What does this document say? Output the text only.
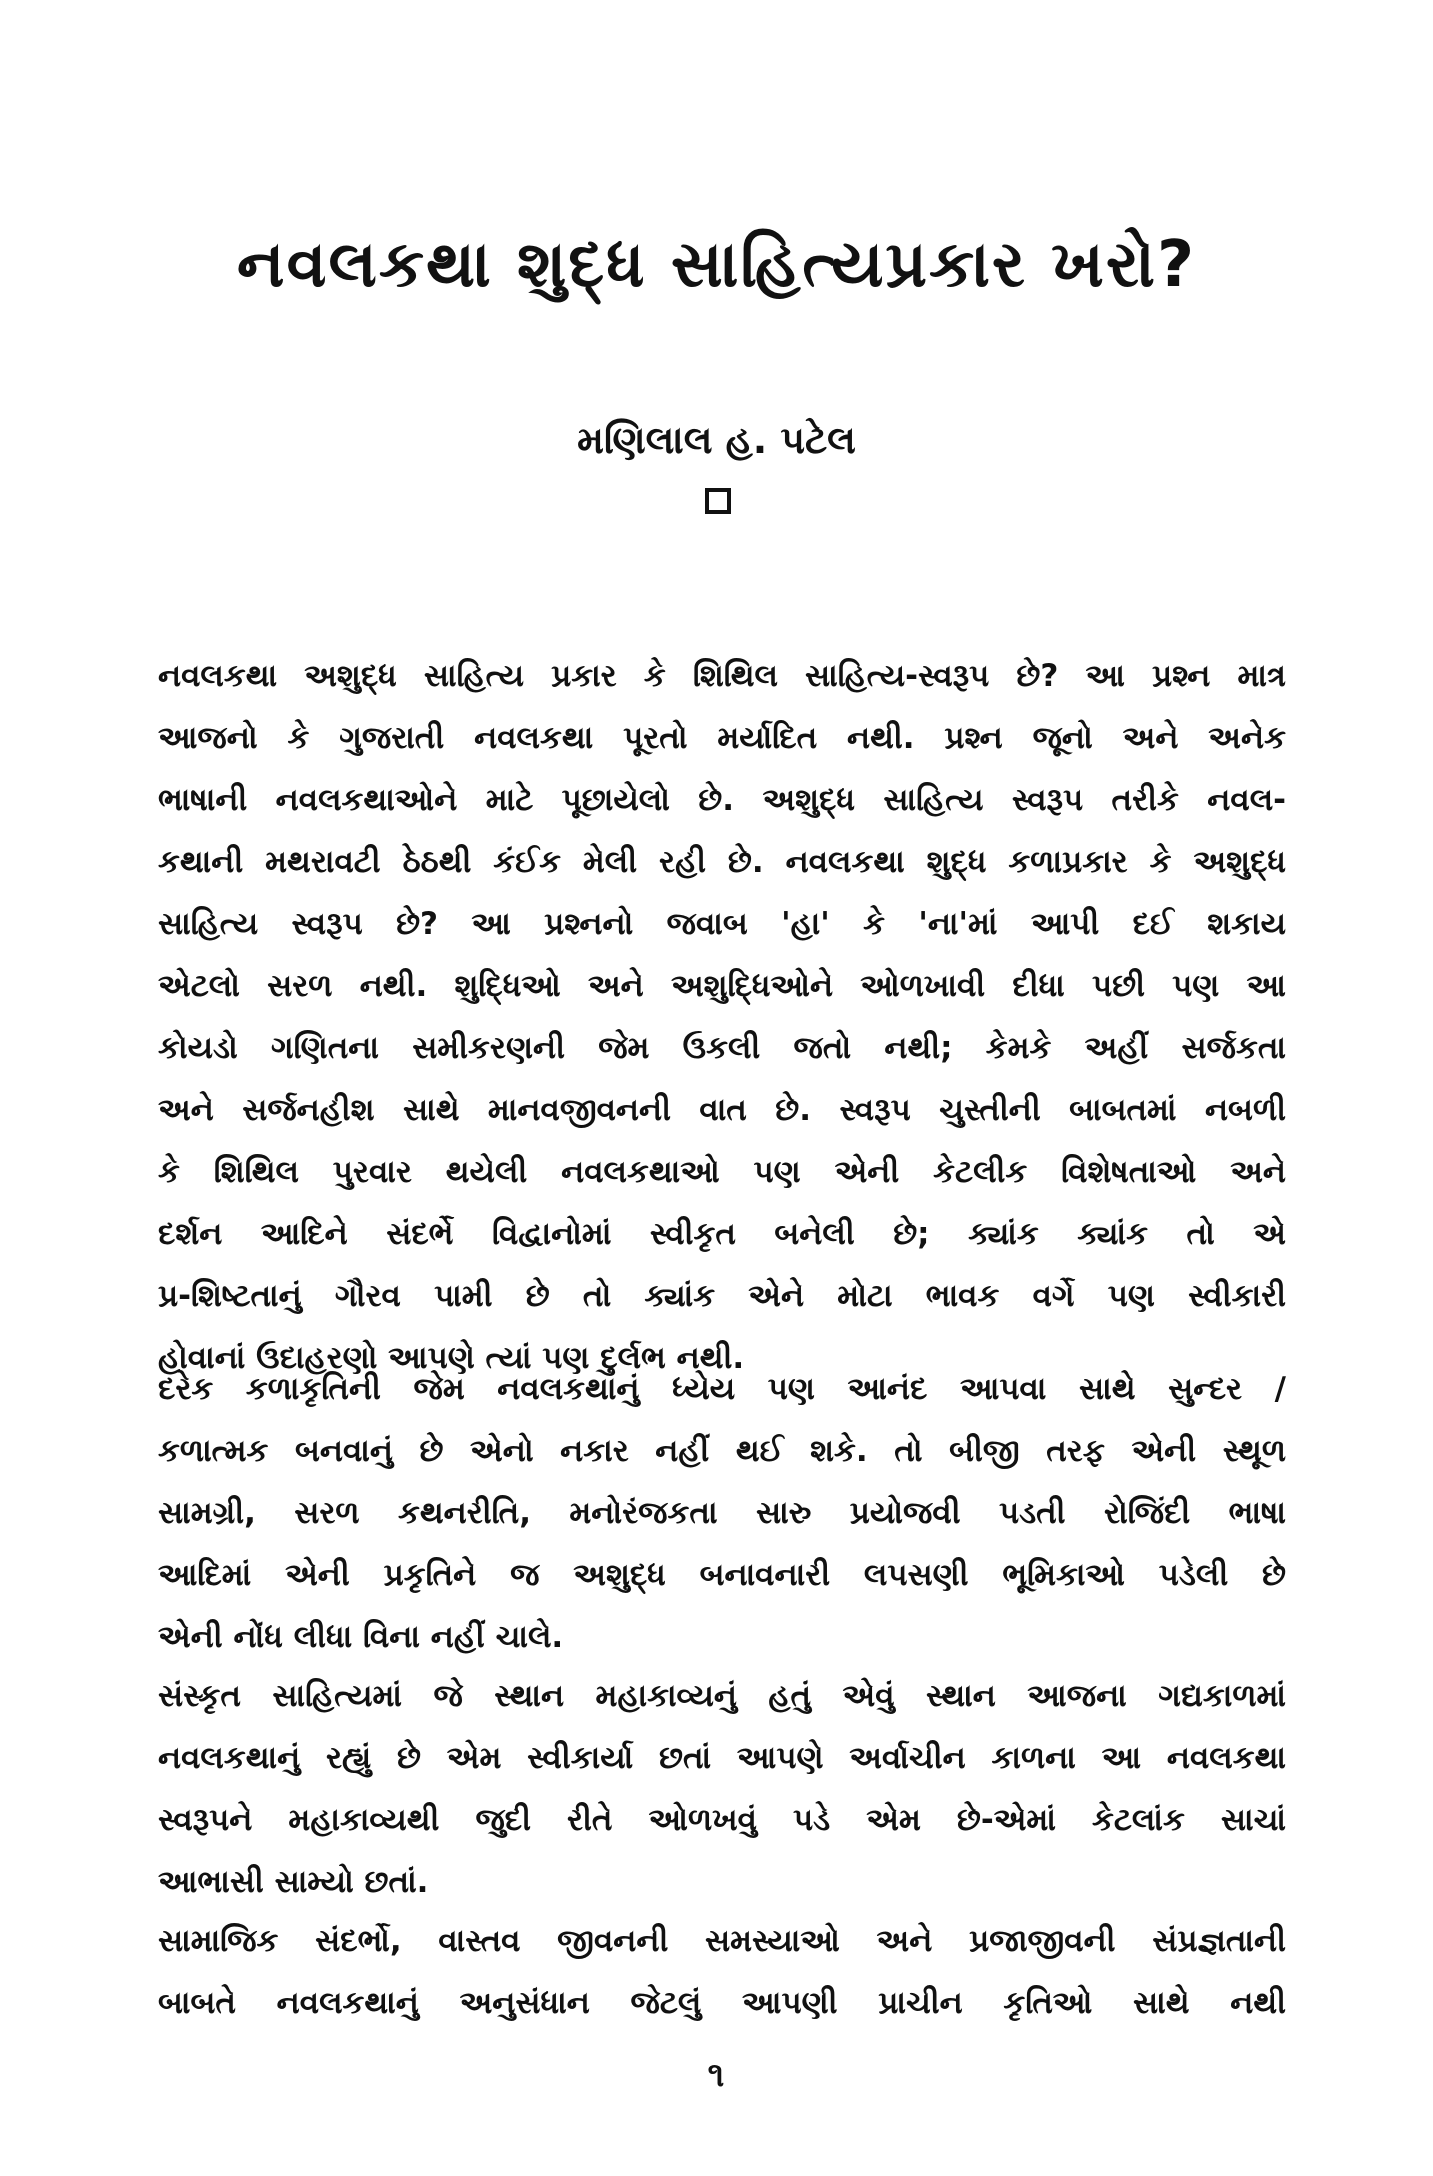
નવલકથા શુદ્ધ સાહિત્યપ્રકાર ખરો?
મણિલાલ હ. પટેલ
નવલકથા અશુદ્ધ સાહિત્ય પ્રકાર કે શિથિલ સાહિત્ય-સ્વરૂપ છે? આ પ્રશ્ન માત્ર
આજનો કે ગુજરાતી નવલકથા પૂરતો મર્યાદિત નથી. પ્રશ્ન જૂનો અને અનેક
ભાષાની નવલકથાઓને માટે પૂછાયેલો છે. અશુદ્ધ સાહિત્ય સ્વરૂપ તરીકે નવલ-
કથાની મથરાવટી ઠેઠથી કંઈક મેલી રહી છે. નવલકથા શુદ્ધ કળાપ્રકાર કે અશુદ્ધ
સાહિત્ય સ્વરૂપ છે? આ પ્રશ્નનો જવાબ 'હા' કે 'ના'માં આપી દઈ શકાય
એટલો સરળ નથી. શુદ્ધિઓ અને અશુદ્ધિઓને ઓળખાવી દીધા પછી પણ આ
કોયડો ગણિતના સમીકરણની જેમ ઉકલી જતો નથી; કેમકે અહીં સર્જકતા
અને સર્જનહીશ સાથે માનવજીવનની વાત છે. સ્વરૂપ ચુસ્તીની બાબતમાં નબળી
કે શિથિલ પુરવાર થયેલી નવલકથાઓ પણ એની કેટલીક વિશેષતાઓ અને
દર્શન આદિને સંદર્ભે વિદ્વાનોમાં સ્વીકૃત બનેલી છે; ક્યાંક ક્યાંક તો એ
પ્ર-શિષ્ટતાનું ગૌરવ પામી છે તો ક્યાંક એને મોટા ભાવક વર્ગે પણ સ્વીકારી
હોવાનાં ઉદાહરણો આપણે ત્યાં પણ દુર્લભ નથી.
દરેક કળાકૃતિની જેમ નવલકથાનું ધ્યેય પણ આનંદ આપવા સાથે સુન્દર /
કળાત્મક બનવાનું છે એનો નકાર નહીં થઈ શકે. તો બીજી તરફ એની સ્થૂળ
સામગ્રી, સરળ કથનરીતિ, મનોરંજકતા સારુ પ્રયોજવી પડતી રોજિંદી ભાષા
આદિમાં એની પ્રકૃતિને જ અશુદ્ધ બનાવનારી લપસણી ભૂમિકાઓ પડેલી છે
એની નોંધ લીધા વિના નહીં ચાલે.
સંસ્કૃત સાહિત્યમાં જે સ્થાન મહાકાવ્યનું હતું એવું સ્થાન આજના ગદ્યકાળમાં
નવલકથાનું રહ્યું છે એમ સ્વીકાર્યા છતાં આપણે અર્વાચીન કાળના આ નવલકથા
સ્વરૂપને મહાકાવ્યથી જુદી રીતે ઓળખવું પડે એમ છે-એમાં કેટલાંક સાચાં
આભાસી સામ્યો છતાં.
સામાજિક સંદર્ભો, વાસ્તવ જીવનની સમસ્યાઓ અને પ્રજાજીવની સંપ્રજ્ઞતાની
બાબતે નવલકથાનું અનુસંધાન જેટલું આપણી પ્રાચીન કૃતિઓ સાથે નથી
૧
